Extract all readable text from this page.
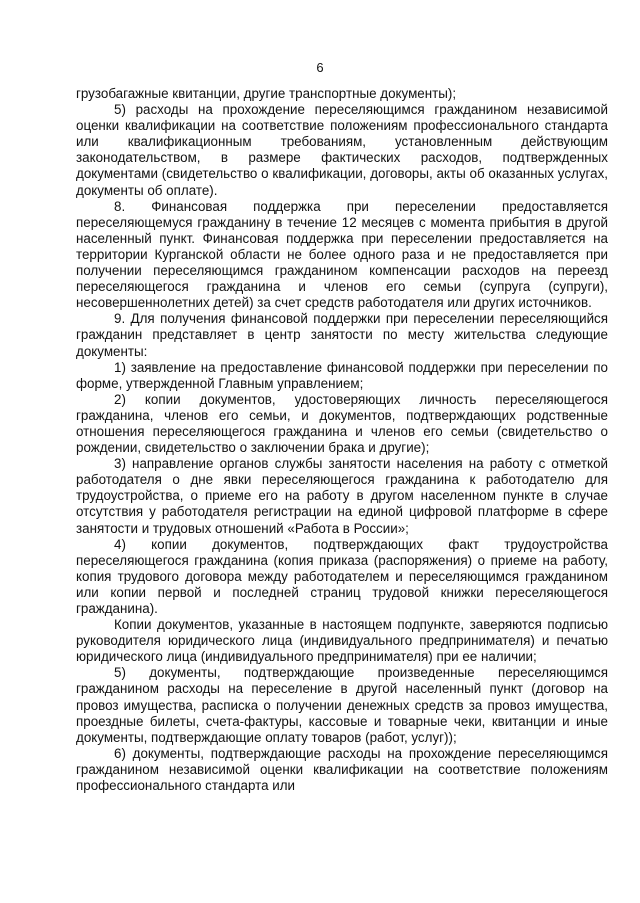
6

грузобагажные квитанции, другие транспортные документы);

5) расходы на прохождение переселяющимся гражданином независимой оценки квалификации на соответствие положениям профессионального стандарта или квалификационным требованиям, установленным действующим законодательством, в размере фактических расходов, подтвержденных документами (свидетельство о квалификации, договоры, акты об оказанных услугах, документы об оплате).

8. Финансовая поддержка при переселении предоставляется переселяющемуся гражданину в течение 12 месяцев с момента прибытия в другой населенный пункт. Финансовая поддержка при переселении предоставляется на территории Курганской области не более одного раза и не предоставляется при получении переселяющимся гражданином компенсации расходов на переезд переселяющегося гражданина и членов его семьи (супруга (супруги), несовершеннолетних детей) за счет средств работодателя или других источников.

9. Для получения финансовой поддержки при переселении переселяющийся гражданин представляет в центр занятости по месту жительства следующие документы:

1) заявление на предоставление финансовой поддержки при переселении по форме, утвержденной Главным управлением;

2) копии документов, удостоверяющих личность переселяющегося гражданина, членов его семьи, и документов, подтверждающих родственные отношения переселяющегося гражданина и членов его семьи (свидетельство о рождении, свидетельство о заключении брака и другие);

3) направление органов службы занятости населения на работу с отметкой работодателя о дне явки переселяющегося гражданина к работодателю для трудоустройства, о приеме его на работу в другом населенном пункте в случае отсутствия у работодателя регистрации на единой цифровой платформе в сфере занятости и трудовых отношений «Работа в России»;

4) копии документов, подтверждающих факт трудоустройства переселяющегося гражданина (копия приказа (распоряжения) о приеме на работу, копия трудового договора между работодателем и переселяющимся гражданином или копии первой и последней страниц трудовой книжки переселяющегося гражданина).

Копии документов, указанные в настоящем подпункте, заверяются подписью руководителя юридического лица (индивидуального предпринимателя) и печатью юридического лица (индивидуального предпринимателя) при ее наличии;

5) документы, подтверждающие произведенные переселяющимся гражданином расходы на переселение в другой населенный пункт (договор на провоз имущества, расписка о получении денежных средств за провоз имущества, проездные билеты, счета-фактуры, кассовые и товарные чеки, квитанции и иные документы, подтверждающие оплату товаров (работ, услуг));

6) документы, подтверждающие расходы на прохождение переселяющимся гражданином независимой оценки квалификации на соответствие положениям профессионального стандарта или
